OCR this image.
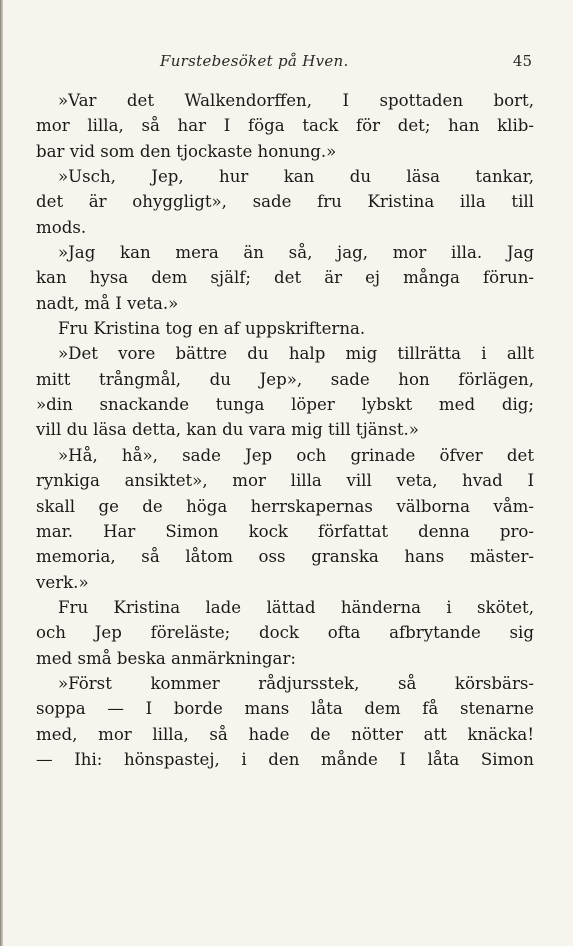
Furstebesöket på Hven.	45
»Var det Walkendorffen, I spottaden bort,
mor lilla, så har I föga tack för det; han klib-
bar vid som den tjockaste honung.»
»Usch, Jep, hur kan du läsa tankar,
det är ohyggligt», sade fru Kristina illa till
mods.
»Jag kan mera än så, jag, mor illa. Jag
kan hysa dem själf; det är ej många förun-
nadt, må I veta.»
Fru Kristina tog en af uppskrifterna.
»Det vore bättre du halp mig tillrätta i allt
mitt trångmål, du Jep», sade hon förlägen,
»din snackande tunga löper lybskt med dig;
vill du läsa detta, kan du vara mig till tjänst.»
»Hå, hå», sade Jep och grinade öfver det
rynkiga ansiktet», mor lilla vill veta, hvad I
skall ge de höga herrskapernas välborna våm-
mar. Har Simon kock författat denna pro-
memoria, så låtom oss granska hans mäster-
verk.»
Fru Kristina lade lättad händerna i skötet,
och Jep föreläste; dock ofta afbrytande sig
med små beska anmärkningar:
»Först kommer rådjursstek, så körsbärs-
soppa — I borde mans låta dem få stenarne
med, mor lilla, så hade de nötter att knäcka!
— Ihi: hönspastej, i den månde I låta Simon
